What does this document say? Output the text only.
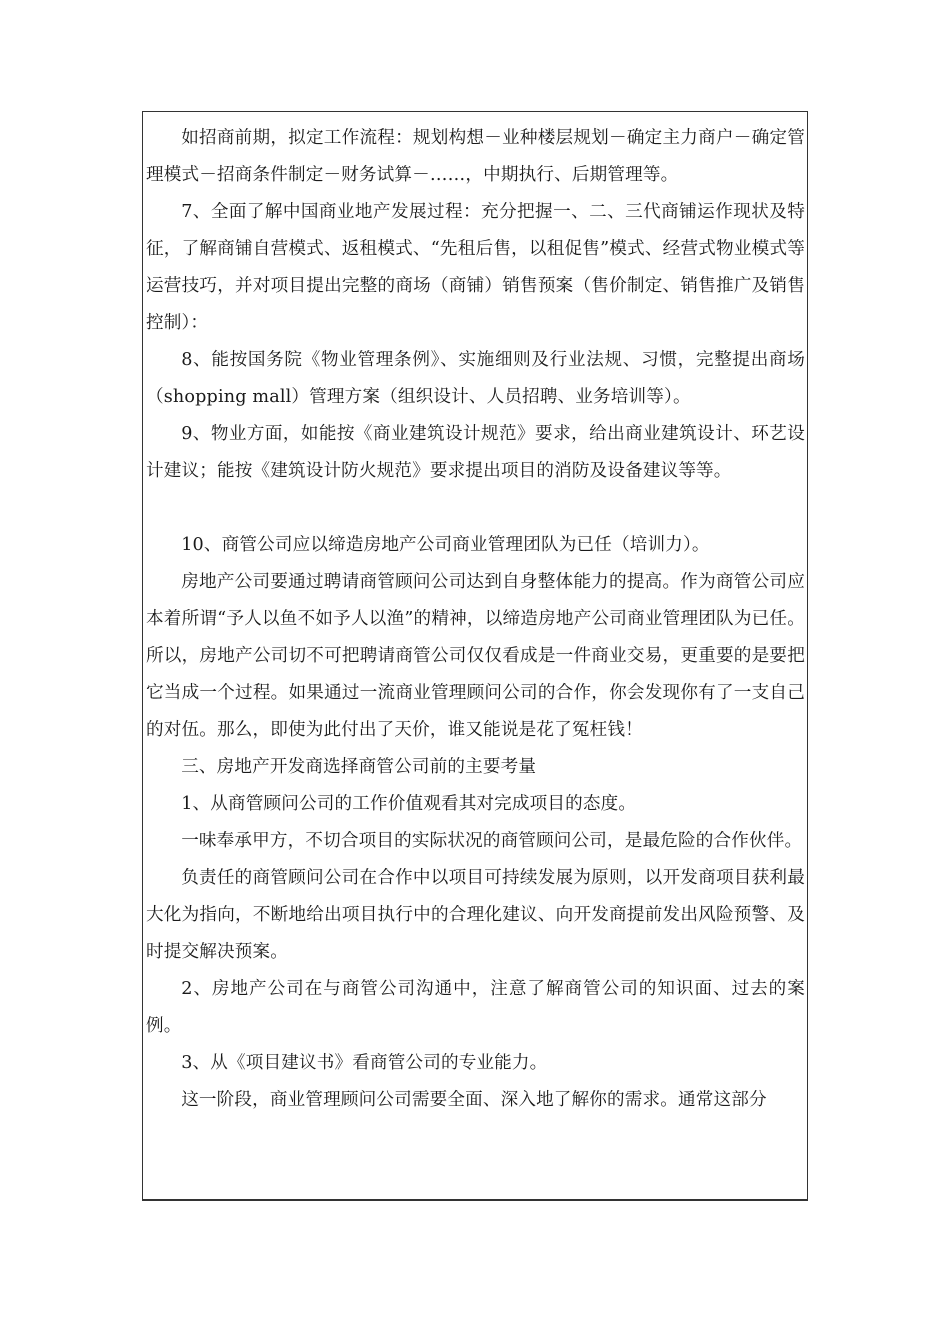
如招商前期，拟定工作流程：规划构想－业种楼层规划－确定主力商户－确定管理模式－招商条件制定－财务试算－……，中期执行、后期管理等。

7、全面了解中国商业地产发展过程：充分把握一、二、三代商铺运作现状及特征，了解商铺自营模式、返租模式、“先租后售，以租促售”模式、经营式物业模式等运营技巧，并对项目提出完整的商场（商铺）销售预案（售价制定、销售推广及销售控制）：

8、能按国务院《物业管理条例》、实施细则及行业法规、习惯，完整提出商场（shopping mall）管理方案（组织设计、人员招聘、业务培训等）。

9、物业方面，如能按《商业建筑设计规范》要求，给出商业建筑设计、环艺设计建议；能按《建筑设计防火规范》要求提出项目的消防及设备建议等等。

10、商管公司应以缔造房地产公司商业管理团队为已任（培训力）。

房地产公司要通过聘请商管顾问公司达到自身整体能力的提高。作为商管公司应本着所谓“予人以鱼不如予人以渔”的精神，以缔造房地产公司商业管理团队为已任。所以，房地产公司切不可把聘请商管公司仅仅看成是一件商业交易，更重要的是要把它当成一个过程。如果通过一流商业管理顾问公司的合作，你会发现你有了一支自己的对伍。那么，即使为此付出了天价，谁又能说是花了冤枉钱！

三、房地产开发商选择商管公司前的主要考量

1、从商管顾问公司的工作价值观看其对完成项目的态度。

一味奉承甲方，不切合项目的实际状况的商管顾问公司，是最危险的合作伙伴。

负责任的商管顾问公司在合作中以项目可持续发展为原则，以开发商项目获利最大化为指向，不断地给出项目执行中的合理化建议、向开发商提前发出风险预警、及时提交解决预案。

2、房地产公司在与商管公司沟通中，注意了解商管公司的知识面、过去的案例。

3、从《项目建议书》看商管公司的专业能力。

这一阶段，商业管理顾问公司需要全面、深入地了解你的需求。通常这部分
